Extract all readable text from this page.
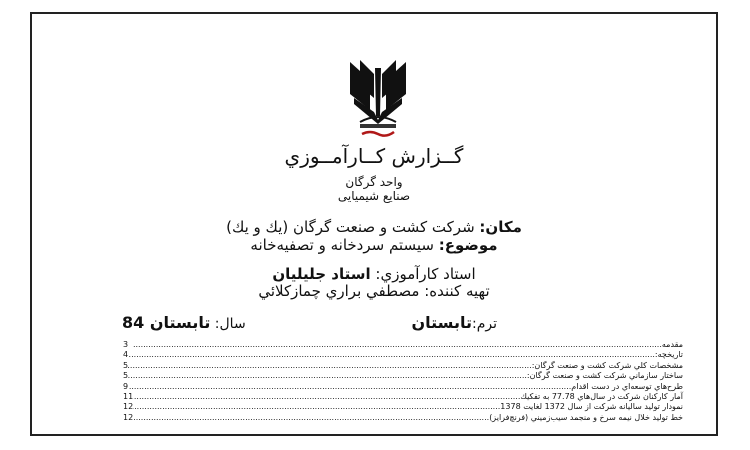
گــزارش كــارآمــوزي
واحد گرگان
صنایع شیمیایی
مكان: شركت كشت و صنعت گرگان (يك و يك)
موضوع: سيستم سردخانه و تصفيه‌خانه
استاد كارآموزي: استاد جليليان
تهيه كننده: مصطفي براري چمازكلائي
ترم:تابستان
سال: تابستان 84
مقدمه
.....
3
تاريخچه:
.....
4
مشخصات كلي شركت كشت و صنعت گرگان:
.....
5
ساختار سازماني شركت كشت و صنعت گرگان:
.....
5
طرح‌هاي توسعه‌اي در دست اقدام
.....
9
آمار كاركنان شركت در سال‌هاي 77.78 به تفكيك
.....
11
نمودار توليد ساليانه شركت از سال 1372 لغايت 1378
.....
12
خط توليد خلال نيمه سرخ و منجمد سيب‌زميني (فرنچ‌فرايز)
.....
12
